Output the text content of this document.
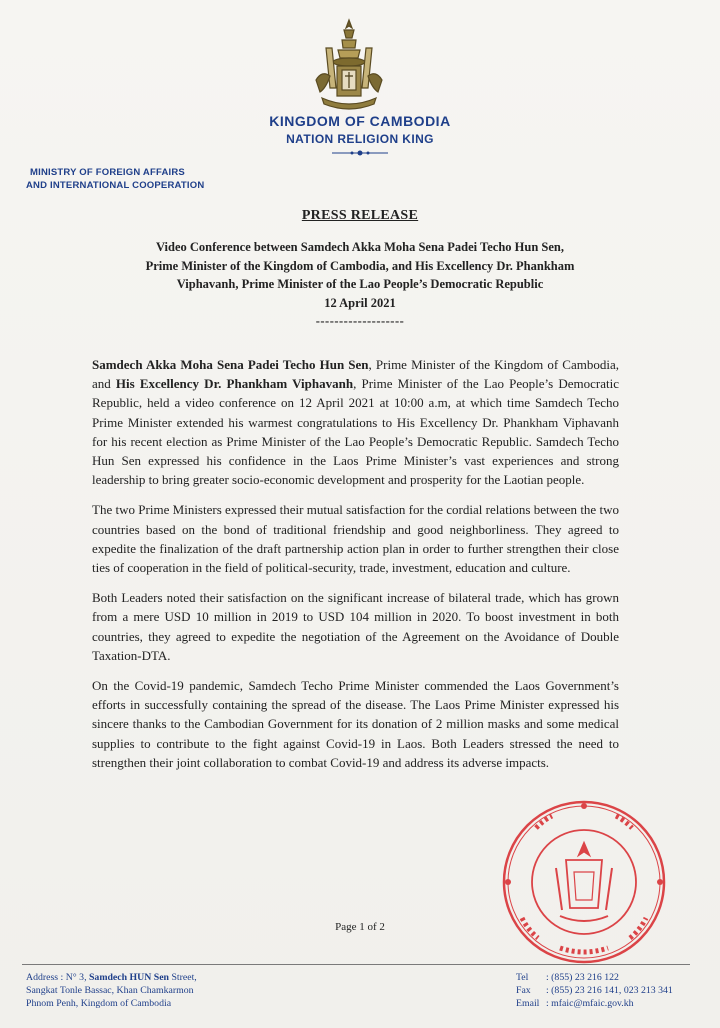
KINGDOM OF CAMBODIA
NATION RELIGION KING
MINISTRY OF FOREIGN AFFAIRS
AND INTERNATIONAL COOPERATION
PRESS RELEASE
Video Conference between Samdech Akka Moha Sena Padei Techo Hun Sen,
Prime Minister of the Kingdom of Cambodia, and His Excellency Dr. Phankham
Viphavanh, Prime Minister of the Lao People’s Democratic Republic
12 April 2021
-------------------

Samdech Akka Moha Sena Padei Techo Hun Sen, Prime Minister of the Kingdom of Cambodia, and His Excellency Dr. Phankham Viphavanh, Prime Minister of the Lao People’s Democratic Republic, held a video conference on 12 April 2021 at 10:00 a.m, at which time Samdech Techo Prime Minister extended his warmest congratulations to His Excellency Dr. Phankham Viphavanh for his recent election as Prime Minister of the Lao People’s Democratic Republic. Samdech Techo Hun Sen expressed his confidence in the Laos Prime Minister’s vast experiences and strong leadership to bring greater socio-economic development and prosperity for the Laotian people.

The two Prime Ministers expressed their mutual satisfaction for the cordial relations between the two countries based on the bond of traditional friendship and good neighborliness. They agreed to expedite the finalization of the draft partnership action plan in order to further strengthen their close ties of cooperation in the field of political-security, trade, investment, education and culture.

Both Leaders noted their satisfaction on the significant increase of bilateral trade, which has grown from a mere USD 10 million in 2019 to USD 104 million in 2020. To boost investment in both countries, they agreed to expedite the negotiation of the Agreement on the Avoidance of Double Taxation-DTA.

On the Covid-19 pandemic, Samdech Techo Prime Minister commended the Laos Government’s efforts in successfully containing the spread of the disease. The Laos Prime Minister expressed his sincere thanks to the Cambodian Government for its donation of 2 million masks and some medical supplies to contribute to the fight against Covid-19 in Laos. Both Leaders stressed the need to strengthen their joint collaboration to combat Covid-19 and address its adverse impacts.

Page 1 of 2
Address : N° 3, Samdech HUN Sen Street,
Sangkat Tonle Bassac, Khan Chamkarmon
Phnom Penh, Kingdom of Cambodia
Tel : (855) 23 216 122
Fax : (855) 23 216 141, 023 213 341
Email : mfaic@mfaic.gov.kh
